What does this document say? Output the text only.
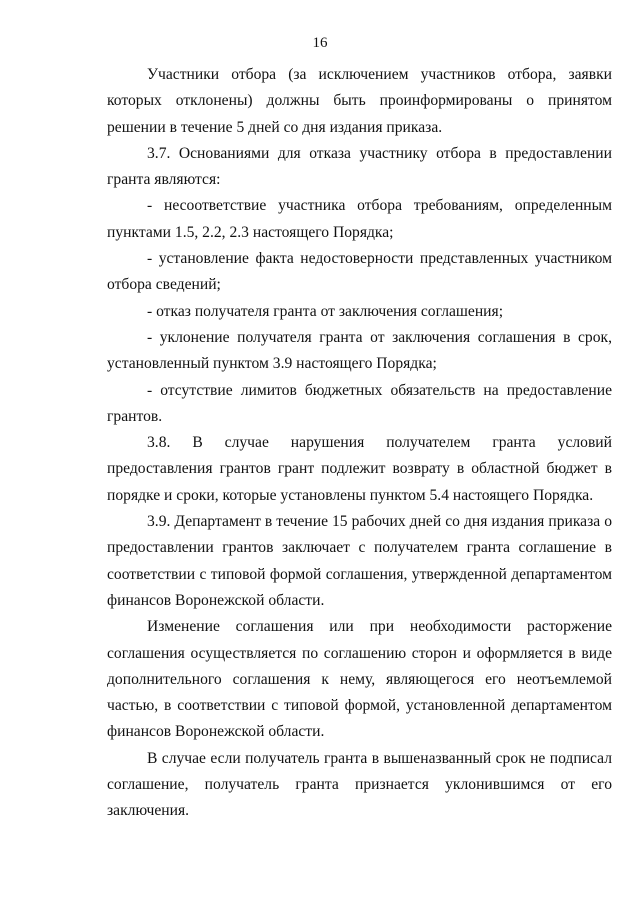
16

Участники отбора (за исключением участников отбора, заявки которых отклонены) должны быть проинформированы о принятом решении в течение 5 дней со дня издания приказа.

3.7. Основаниями для отказа участнику отбора в предоставлении гранта являются:

- несоответствие участника отбора требованиям, определенным пунктами 1.5, 2.2, 2.3 настоящего Порядка;

- установление факта недостоверности представленных участником отбора сведений;

- отказ получателя гранта от заключения соглашения;

- уклонение получателя гранта от заключения соглашения в срок, установленный пунктом 3.9 настоящего Порядка;

- отсутствие лимитов бюджетных обязательств на предоставление грантов.

3.8. В случае нарушения получателем гранта условий предоставления грантов грант подлежит возврату в областной бюджет в порядке и сроки, которые установлены пунктом 5.4 настоящего Порядка.

3.9. Департамент в течение 15 рабочих дней со дня издания приказа о предоставлении грантов заключает с получателем гранта соглашение в соответствии с типовой формой соглашения, утвержденной департаментом финансов Воронежской области.

Изменение соглашения или при необходимости расторжение соглашения осуществляется по соглашению сторон и оформляется в виде дополнительного соглашения к нему, являющегося его неотъемлемой частью, в соответствии с типовой формой, установленной департаментом финансов Воронежской области.

В случае если получатель гранта в вышеназванный срок не подписал соглашение, получатель гранта признается уклонившимся от его заключения.
